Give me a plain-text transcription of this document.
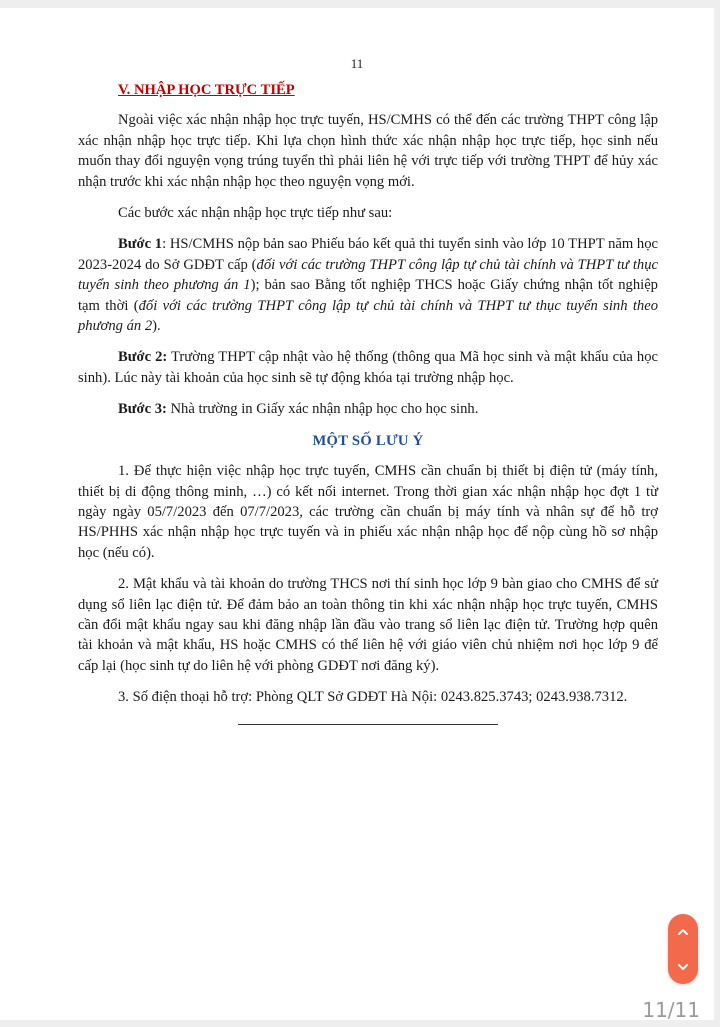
11
V. NHẬP HỌC TRỰC TIẾP

Ngoài việc xác nhận nhập học trực tuyến, HS/CMHS có thể đến các trường THPT công lập xác nhận nhập học trực tiếp. Khi lựa chọn hình thức xác nhận nhập học trực tiếp, học sinh nếu muốn thay đổi nguyện vọng trúng tuyển thì phải liên hệ với trực tiếp với trường THPT để hủy xác nhận trước khi xác nhận nhập học theo nguyện vọng mới.

Các bước xác nhận nhập học trực tiếp như sau:

Bước 1: HS/CMHS nộp bản sao Phiếu báo kết quả thi tuyển sinh vào lớp 10 THPT năm học 2023-2024 do Sở GDĐT cấp (đối với các trường THPT công lập tự chủ tài chính và THPT tư thục tuyển sinh theo phương án 1); bản sao Bằng tốt nghiệp THCS hoặc Giấy chứng nhận tốt nghiệp tạm thời (đối với các trường THPT công lập tự chủ tài chính và THPT tư thục tuyển sinh theo phương án 2).

Bước 2: Trường THPT cập nhật vào hệ thống (thông qua Mã học sinh và mật khẩu của học sinh). Lúc này tài khoản của học sinh sẽ tự động khóa tại trường nhập học.

Bước 3: Nhà trường in Giấy xác nhận nhập học cho học sinh.

MỘT SỐ LƯU Ý

1. Để thực hiện việc nhập học trực tuyến, CMHS cần chuẩn bị thiết bị điện tử (máy tính, thiết bị di động thông minh, …) có kết nối internet. Trong thời gian xác nhận nhập học đợt 1 từ ngày ngày 05/7/2023 đến 07/7/2023, các trường cần chuẩn bị máy tính và nhân sự để hỗ trợ HS/PHHS xác nhận nhập học trực tuyến và in phiếu xác nhận nhập học để nộp cùng hồ sơ nhập học (nếu có).

2. Mật khẩu và tài khoản do trường THCS nơi thí sinh học lớp 9 bàn giao cho CMHS để sử dụng sổ liên lạc điện tử. Để đảm bảo an toàn thông tin khi xác nhận nhập học trực tuyến, CMHS cần đổi mật khẩu ngay sau khi đăng nhập lần đầu vào trang sổ liên lạc điện tử. Trường hợp quên tài khoản và mật khẩu, HS hoặc CMHS có thể liên hệ với giáo viên chủ nhiệm nơi học lớp 9 để cấp lại (học sinh tự do liên hệ với phòng GDĐT nơi đăng ký).

3. Số điện thoại hỗ trợ: Phòng QLT Sở GDĐT Hà Nội: 0243.825.3743; 0243.938.7312.

11/11
